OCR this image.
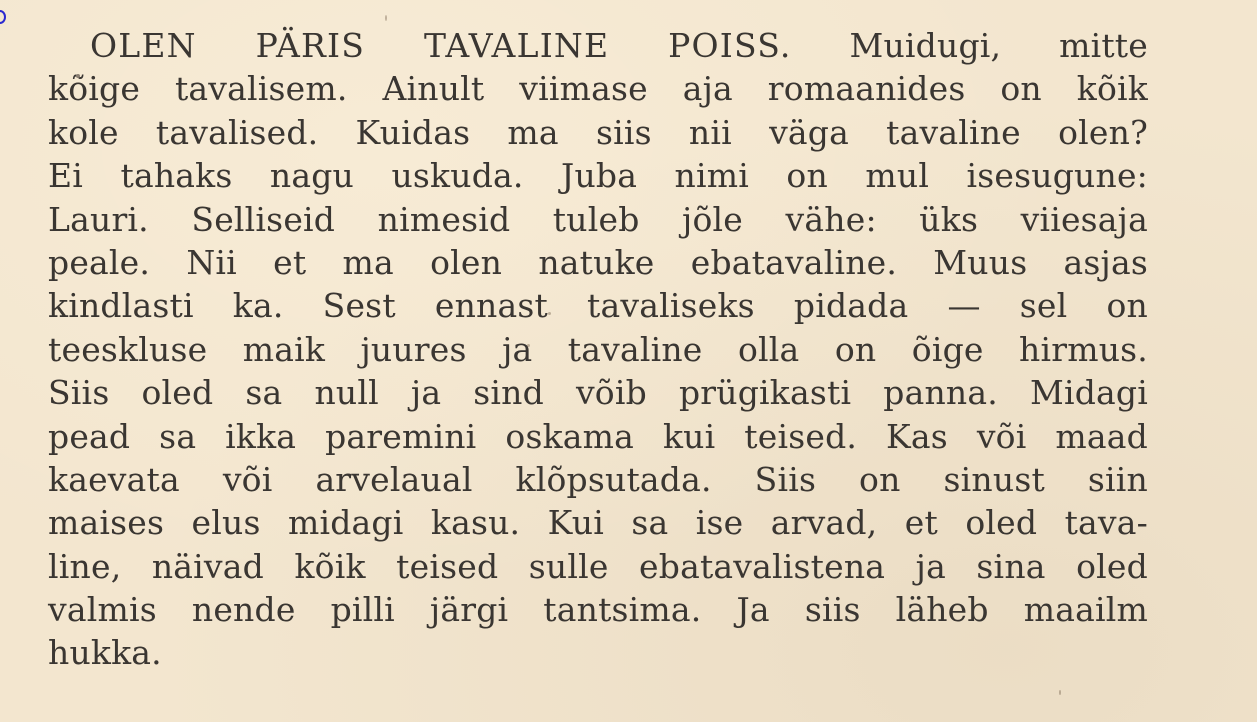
OLEN PÄRIS TAVALINE POISS. Muidugi, mitte
kõige tavalisem. Ainult viimase aja romaanides on kõik
kole tavalised. Kuidas ma siis nii väga tavaline olen?
Ei tahaks nagu uskuda. Juba nimi on mul isesugune:
Lauri. Selliseid nimesid tuleb jõle vähe: üks viiesaja
peale. Nii et ma olen natuke ebatavaline. Muus asjas
kindlasti ka. Sest ennast tavaliseks pidada — sel on
teeskluse maik juures ja tavaline olla on õige hirmus.
Siis oled sa null ja sind võib prügikasti panna. Midagi
pead sa ikka paremini oskama kui teised. Kas või maad
kaevata või arvelaual klõpsutada. Siis on sinust siin
maises elus midagi kasu. Kui sa ise arvad, et oled tava-
line, näivad kõik teised sulle ebatavalistena ja sina oled
valmis nende pilli järgi tantsima. Ja siis läheb maailm
hukka.
